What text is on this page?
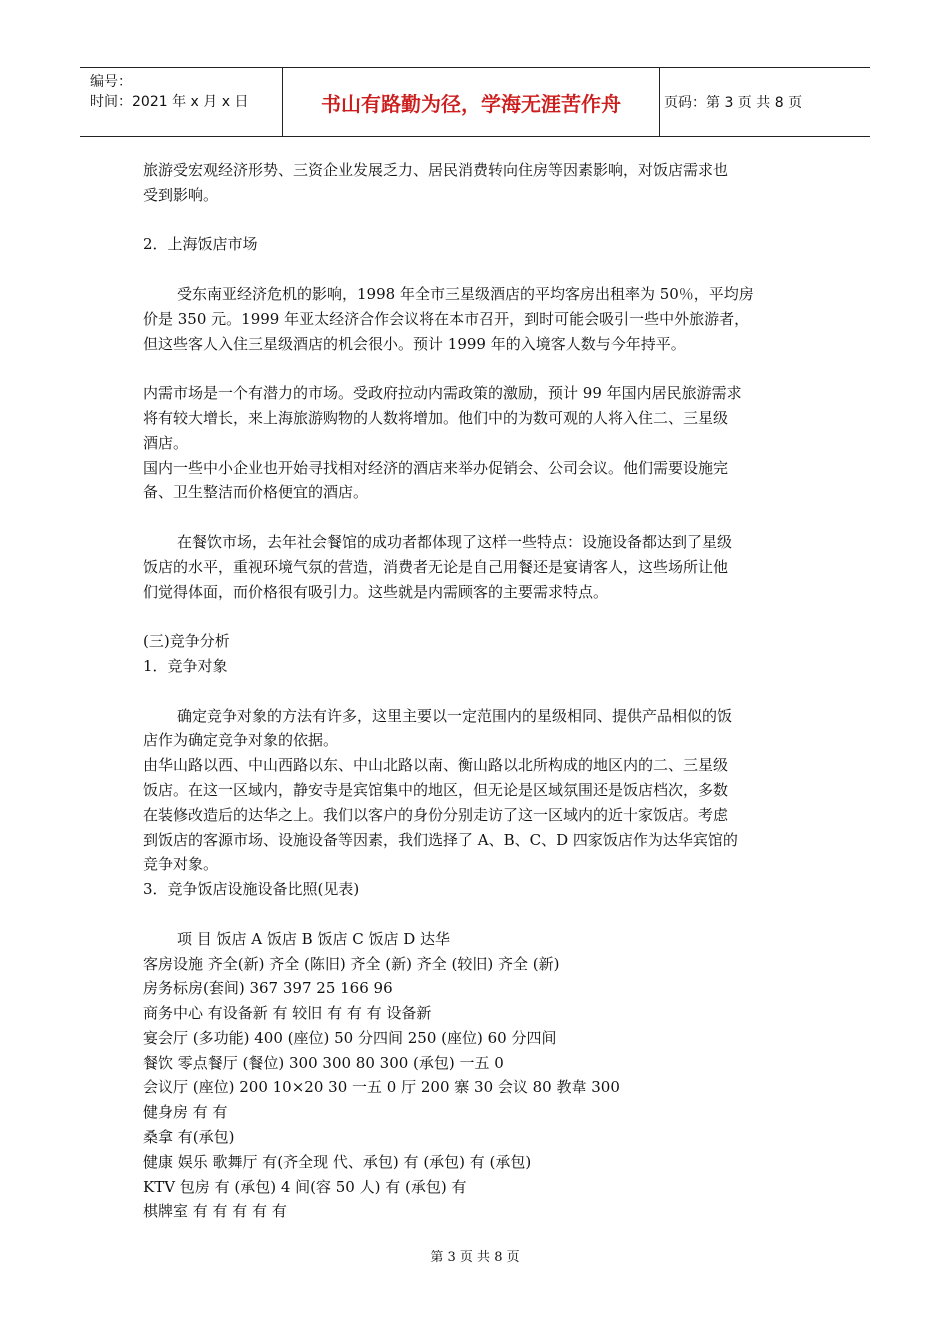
编号：
时间：2021 年 x 月 x 日	书山有路勤为径，学海无涯苦作舟	页码：第 3 页 共 8 页
旅游受宏观经济形势、三资企业发展乏力、居民消费转向住房等因素影响，对饭店需求也
受到影响。
2．上海饭店市场
受东南亚经济危机的影响，1998 年全市三星级酒店的平均客房出租率为 50％，平均房
价是 350 元。1999 年亚太经济合作会议将在本市召开，到时可能会吸引一些中外旅游者，
但这些客人入住三星级酒店的机会很小。预计 1999 年的入境客人数与今年持平。
内需市场是一个有潜力的市场。受政府拉动内需政策的激励，预计 99 年国内居民旅游需求
将有较大增长，来上海旅游购物的人数将增加。他们中的为数可观的人将入住二、三星级
酒店。
国内一些中小企业也开始寻找相对经济的酒店来举办促销会、公司会议。他们需要设施完
备、卫生整洁而价格便宜的酒店。
在餐饮市场，去年社会餐馆的成功者都体现了这样一些特点：设施设备都达到了星级
饭店的水平，重视环境气氛的营造，消费者无论是自己用餐还是宴请客人，这些场所让他
们觉得体面，而价格很有吸引力。这些就是内需顾客的主要需求特点。
(三)竞争分析
1．竞争对象
确定竞争对象的方法有许多，这里主要以一定范围内的星级相同、提供产品相似的饭
店作为确定竞争对象的依据。
由华山路以西、中山西路以东、中山北路以南、衡山路以北所构成的地区内的二、三星级
饭店。在这一区域内，静安寺是宾馆集中的地区，但无论是区域氛围还是饭店档次，多数
在装修改造后的达华之上。我们以客户的身份分别走访了这一区域内的近十家饭店。考虑
到饭店的客源市场、设施设备等因素，我们选择了 A、B、C、D 四家饭店作为达华宾馆的
竞争对象。
3．竞争饭店设施设备比照(见表)
项 目 饭店 A 饭店 B 饭店 C 饭店 D 达华
客房设施 齐全(新) 齐全 (陈旧) 齐全 (新) 齐全 (较旧) 齐全 (新)
房务标房(套间) 367 397 25 166 96
商务中心 有设备新 有 较旧 有 有 有 设备新
宴会厅 (多功能) 400 (座位) 50 分四间 250 (座位) 60 分四间
餐饮 零点餐厅 (餐位) 300 300 80 300 (承包) 一五 0
会议厅 (座位) 200 10×20 30 一五 0 厅 200 寨 30 会议 80 教韋 300
健身房 有 有
桑拿 有(承包)
健康 娱乐 歌舞厅 有(齐全现 代、承包) 有 (承包) 有 (承包)
KTV 包房 有 (承包) 4 间(容 50 人) 有 (承包) 有
棋牌室 有 有 有 有 有
第 3 页 共 8 页
